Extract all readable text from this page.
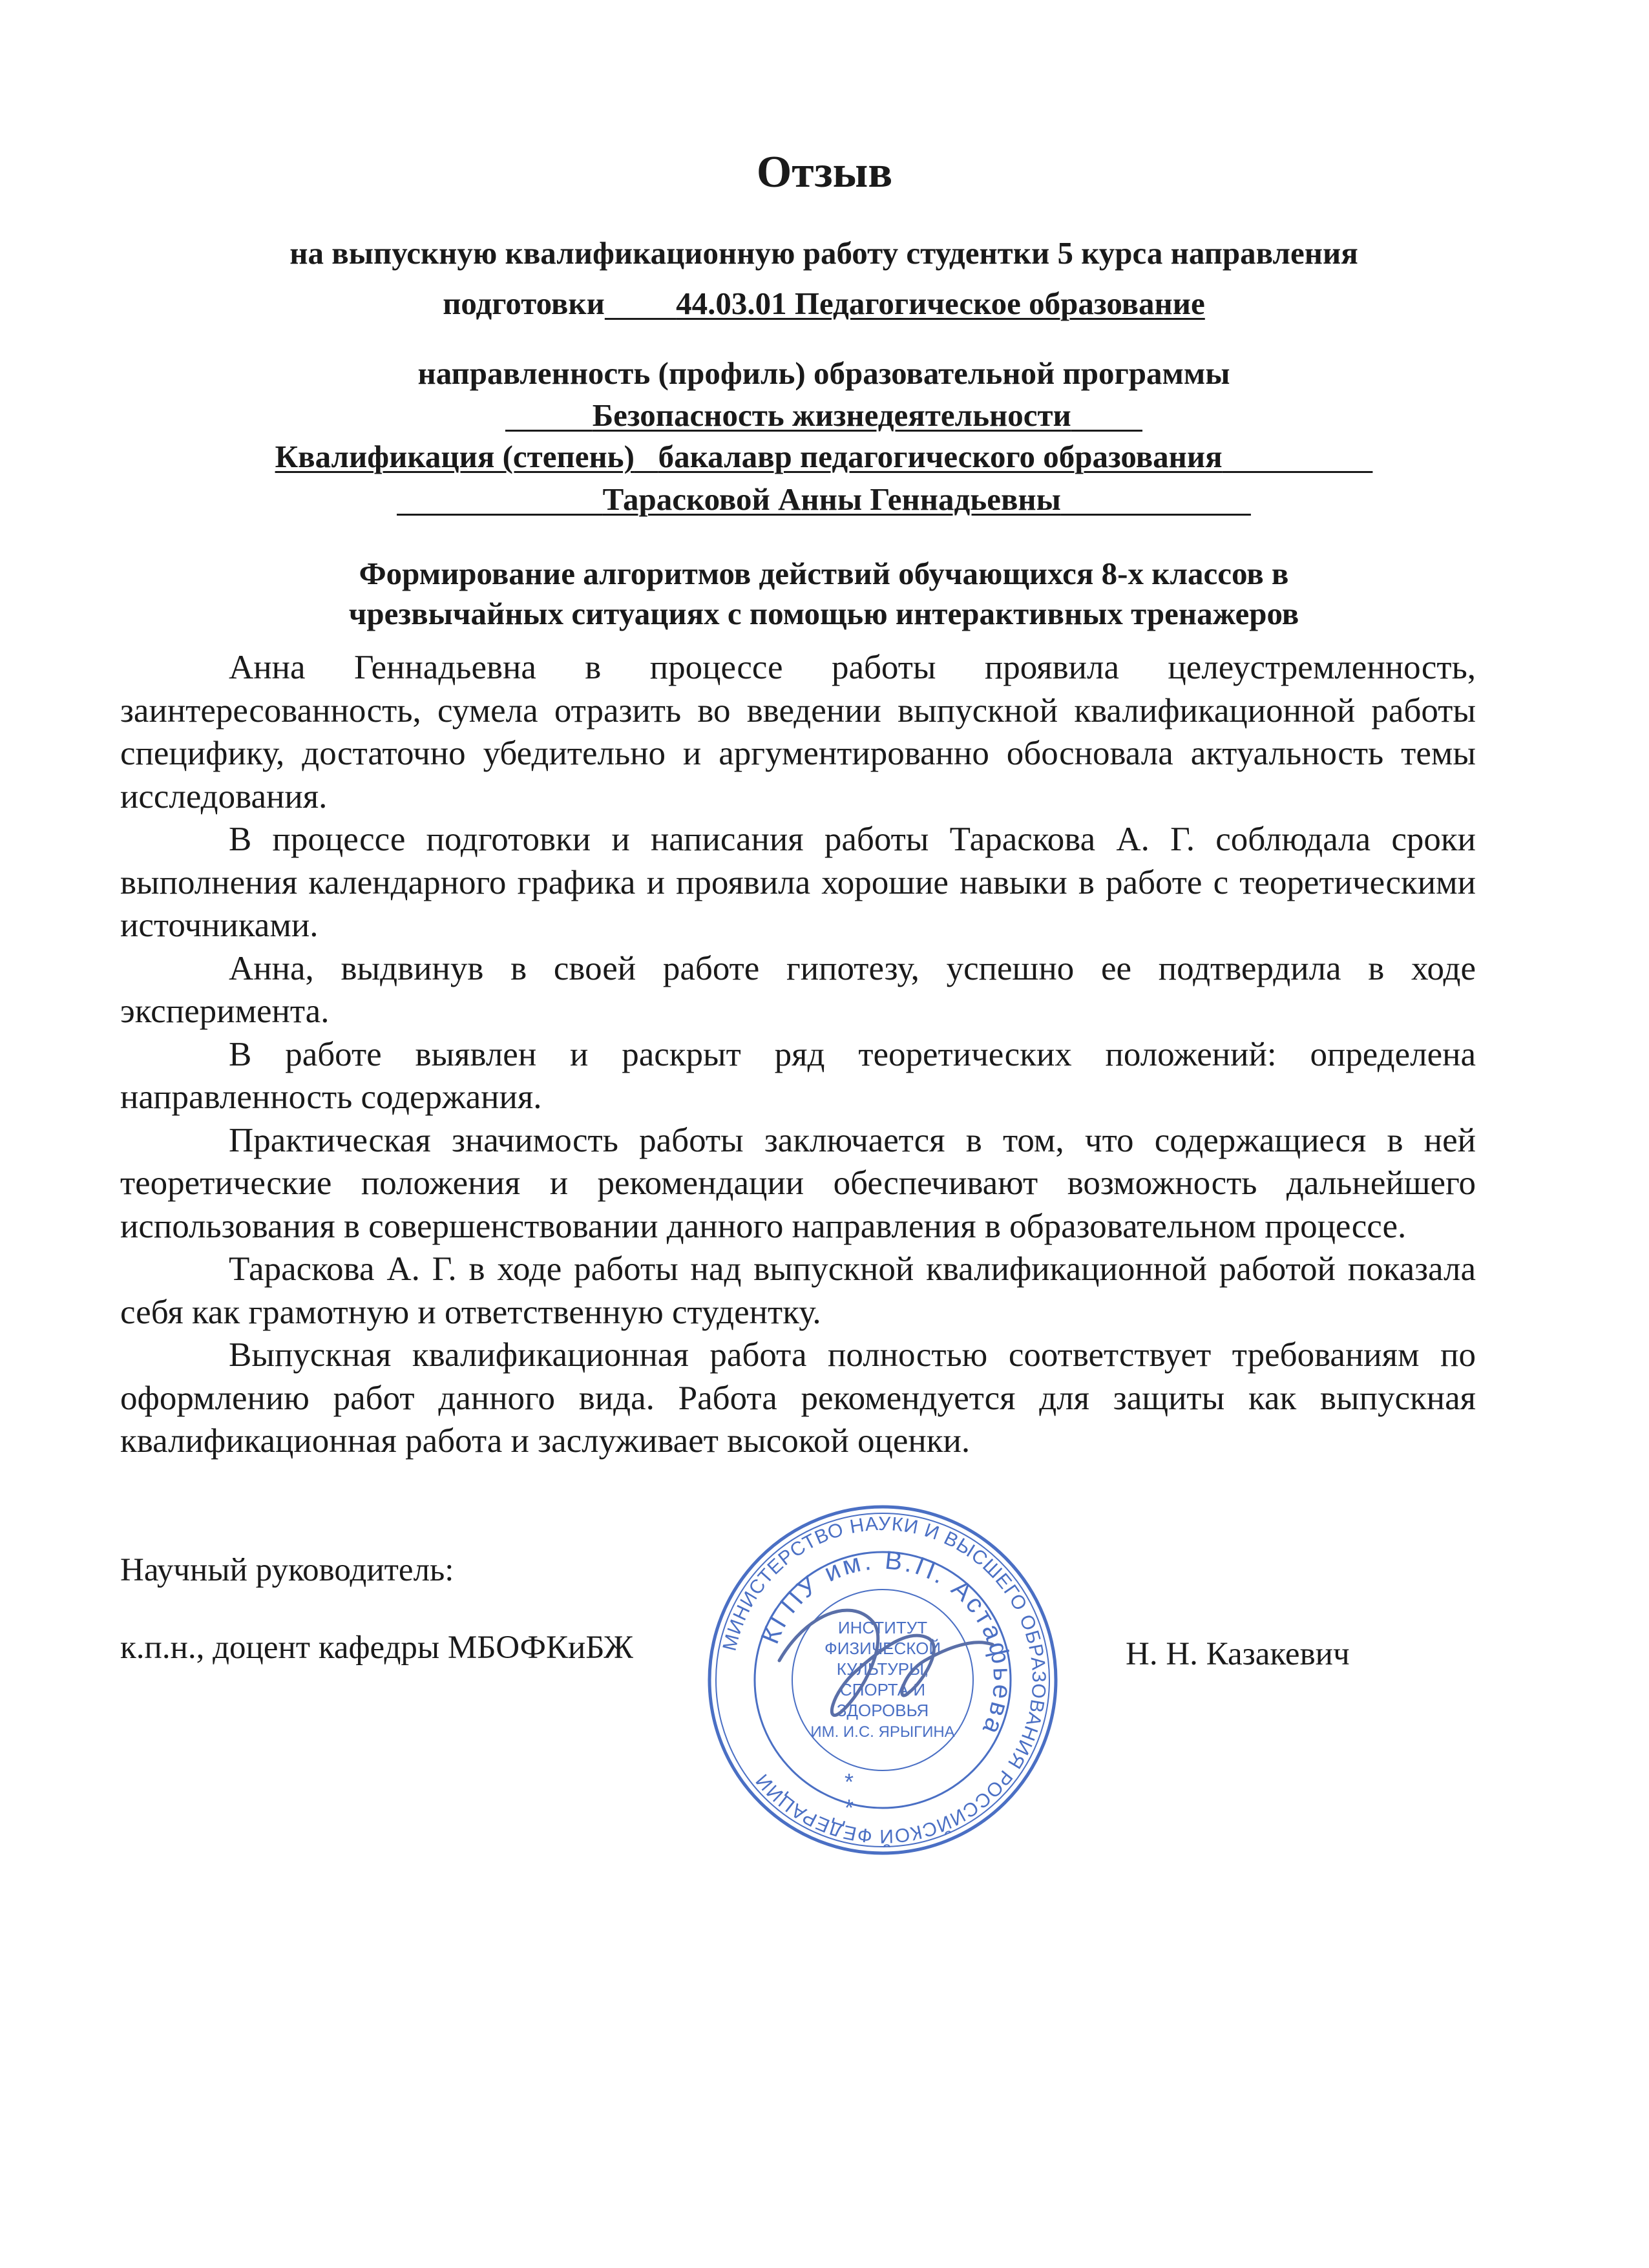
Отзыв
на выпускную квалификационную работу студентки 5 курса направления
подготовки 44.03.01 Педагогическое образование
направленность (профиль) образовательной программы
Безопасность жизнедеятельности
Квалификация (степень) бакалавр педагогического образования
Тарасковой Анны Геннадьевны
Формирование алгоритмов действий обучающихся 8-х классов в
чрезвычайных ситуациях с помощью интерактивных тренажеров

Анна Геннадьевна в процессе работы проявила целеустремленность, заинтересованность, сумела отразить во введении выпускной квалификационной работы специфику, достаточно убедительно и аргументированно обосновала актуальность темы исследования.

В процессе подготовки и написания работы Тараскова А. Г. соблюдала сроки выполнения календарного графика и проявила хорошие навыки в работе с теоретическими источниками.

Анна, выдвинув в своей работе гипотезу, успешно ее подтвердила в ходе эксперимента.

В работе выявлен и раскрыт ряд теоретических положений: определена направленность содержания.

Практическая значимость работы заключается в том, что содержащиеся в ней теоретические положения и рекомендации обеспечивают возможность дальнейшего использования в совершенствовании данного направления в образовательном процессе.

Тараскова А. Г. в ходе работы над выпускной квалификационной работой показала себя как грамотную и ответственную студентку.

Выпускная квалификационная работа полностью соответствует требованиям по оформлению работ данного вида. Работа рекомендуется для защиты как выпускная квалификационная работа и заслуживает высокой оценки.

Научный руководитель:
к.п.н., доцент кафедры МБОФКиБЖ	Н. Н. Казакевич
МИНИСТЕРСТВО НАУКИ И ВЫСШЕГО ОБРАЗОВАНИЯ РОССИЙСКОЙ ФЕДЕРАЦИИ
КГПУ им. В.П. Астафьева
ИНСТИТУТ
ФИЗИЧЕСКОЙ
КУЛЬТУРЫ,
СПОРТА И
ЗДОРОВЬЯ
ИМ. И.С. ЯРЫГИНА
*
*
